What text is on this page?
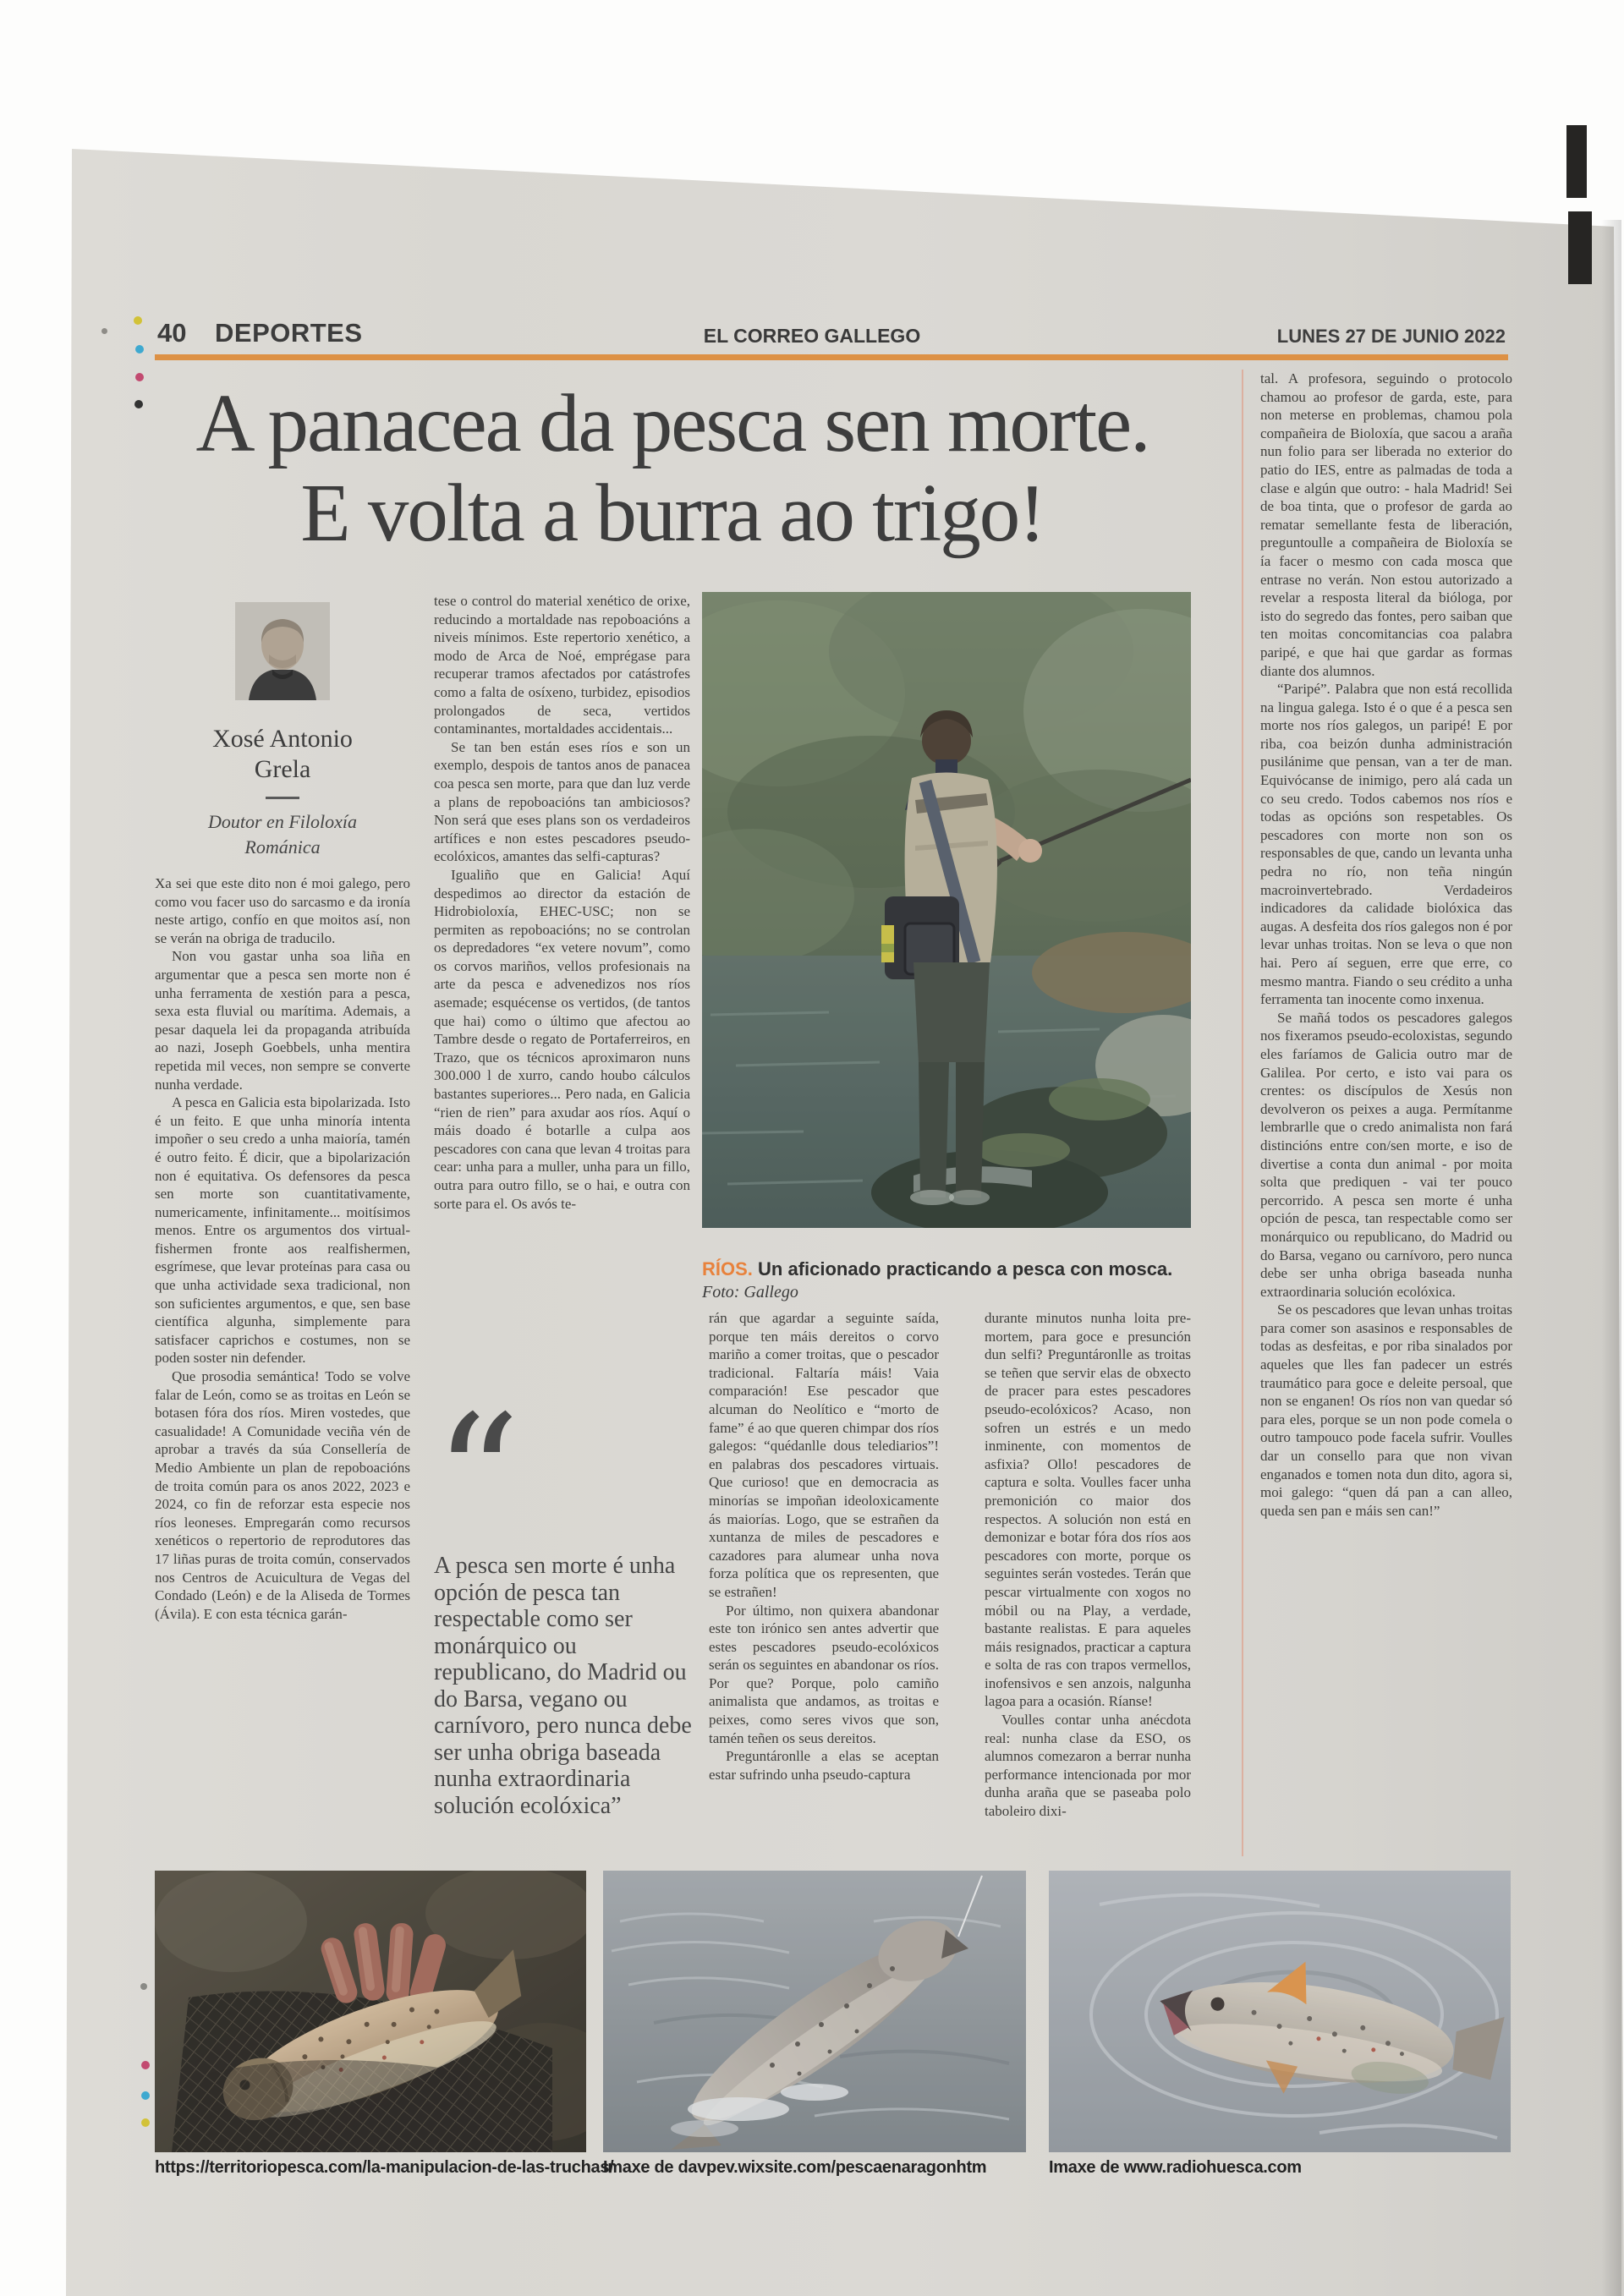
40 DEPORTES	EL CORREO GALLEGO	LUNES 27 DE JUNIO 2022
A panacea da pesca sen morte.
E volta a burra ao trigo!
Xosé Antonio
Grela
Doutor en Filoloxía
Románica

Xa sei que este dito non é moi galego, pero como vou facer uso do sarcasmo e da ironía neste artigo, confío en que moitos así, non se verán na obriga de traducilo.

Non vou gastar unha soa liña en argumentar que a pesca sen morte non é unha ferramenta de xestión para a pesca, sexa esta fluvial ou marítima. Ademais, a pesar daquela lei da propaganda atribuída ao nazi, Joseph Goebbels, unha mentira repetida mil veces, non sempre se converte nunha verdade.

A pesca en Galicia esta bipolarizada. Isto é un feito. E que unha minoría intenta impoñer o seu credo a unha maioría, tamén é outro feito. É dicir, que a bipolarización non é equitativa. Os defensores da pesca sen morte son cuantitativamente, numericamente, infinitamente... moitísimos menos. Entre os argumentos dos virtual-fishermen fronte aos realfishermen, esgrímese, que levar proteínas para casa ou que unha actividade sexa tradicional, non son suficientes argumentos, e que, sen base científica algunha, simplemente para satisfacer caprichos e costumes, non se poden soster nin defender.

Que prosodia semántica! Todo se volve falar de León, como se as troitas en León se botasen fóra dos ríos. Miren vostedes, que casualidade! A Comunidade veciña vén de aprobar a través da súa Consellería de Medio Ambiente un plan de repoboacións de troita común para os anos 2022, 2023 e 2024, co fin de reforzar esta especie nos ríos leoneses. Empregarán como recursos xenéticos o repertorio de reprodutores das 17 liñas puras de troita común, conservados nos Centros de Acuicultura de Vegas del Condado (León) e de la Aliseda de Tormes (Ávila). E con esta técnica garán-

tese o control do material xenético de orixe, reducindo a mortaldade nas repoboacións a niveis mínimos. Este repertorio xenético, a modo de Arca de Noé, emprégase para recuperar tramos afectados por catástrofes como a falta de osíxeno, turbidez, episodios prolongados de seca, vertidos contaminantes, mortaldades accidentais...

Se tan ben están eses ríos e son un exemplo, despois de tantos anos de panacea coa pesca sen morte, para que dan luz verde a plans de repoboacións tan ambiciosos? Non será que eses plans son os verdadeiros artífices e non estes pescadores pseudo-ecolóxicos, amantes das selfi-capturas?

Igualiño que en Galicia! Aquí despedimos ao director da estación de Hidrobioloxía, EHEC-USC; non se permiten as repoboacións; no se controlan os depredadores “ex vetere novum”, como os corvos mariños, vellos profesionais na arte da pesca e advenedizos nos ríos asemade; esquécense os vertidos, (de tantos que hai) como o último que afectou ao Tambre desde o regato de Portaferreiros, en Trazo, que os técnicos aproximaron nuns 300.000 l de xurro, cando houbo cálculos bastantes superiores... Pero nada, en Galicia “rien de rien” para axudar aos ríos. Aquí o máis doado é botarlle a culpa aos pescadores con cana que levan 4 troitas para cear: unha para a muller, unha para un fillo, outra para outro fillo, se o hai, e outra con sorte para el. Os avós te-

rán que agardar a seguinte saída, porque ten máis dereitos o corvo mariño a comer troitas, que o pescador tradicional. Faltaría máis! Vaia comparación! Ese pescador que alcuman do Neolítico e “morto de fame” é ao que queren chimpar dos ríos galegos: “quédanlle dous telediarios”! en palabras dos pescadores virtuais. Que curioso! que en democracia as minorías se impoñan ideoloxicamente ás maiorías. Logo, que se estrañen da xuntanza de miles de pescadores e cazadores para alumear unha nova forza política que os representen, que se estrañen!

Por último, non quixera abandonar este ton irónico sen antes advertir que estes pescadores pseudo-ecolóxicos serán os seguintes en abandonar os ríos. Por que? Porque, polo camiño animalista que andamos, as troitas e peixes, como seres vivos que son, tamén teñen os seus dereitos.

Preguntáronlle a elas se aceptan estar sufrindo unha pseudo-captura

durante minutos nunha loita pre-mortem, para goce e presunción dun selfi? Preguntáronlle as troitas se teñen que servir elas de obxecto de pracer para estes pescadores pseudo-ecolóxicos? Acaso, non sofren un estrés e un medo inminente, con momentos de asfixia? Ollo! pescadores de captura e solta. Voulles facer unha premonición co maior dos respectos. A solución non está en demonizar e botar fóra dos ríos aos pescadores con morte, porque os seguintes serán vostedes. Terán que pescar virtualmente con xogos no móbil ou na Play, a verdade, bastante realistas. E para aqueles máis resignados, practicar a captura e solta de ras con trapos vermellos, inofensivos e sen anzois, nalgunha lagoa para a ocasión. Ríanse!

Voulles contar unha anécdota real: nunha clase da ESO, os alumnos comezaron a berrar nunha performance intencionada por mor dunha araña que se paseaba polo taboleiro dixi-

tal. A profesora, seguindo o protocolo chamou ao profesor de garda, este, para non meterse en problemas, chamou pola compañeira de Bioloxía, que sacou a araña nun folio para ser liberada no exterior do patio do IES, entre as palmadas de toda a clase e algún que outro: - hala Madrid! Sei de boa tinta, que o profesor de garda ao rematar semellante festa de liberación, preguntoulle a compañeira de Bioloxía se ía facer o mesmo con cada mosca que entrase no verán. Non estou autorizado a revelar a resposta literal da bióloga, por isto do segredo das fontes, pero saiban que ten moitas concomitancias coa palabra paripé, e que hai que gardar as formas diante dos alumnos.

“Paripé”. Palabra que non está recollida na lingua galega. Isto é o que é a pesca sen morte nos ríos galegos, un paripé! E por riba, coa beizón dunha administración pusilánime que pensan, van a ter de man. Equivócanse de inimigo, pero alá cada un co seu credo. Todos cabemos nos ríos e todas as opcións son respetables. Os pescadores con morte non son os responsables de que, cando un levanta unha pedra no río, non teña ningún macroinvertebrado. Verdadeiros indicadores da calidade biolóxica das augas. A desfeita dos ríos galegos non é por levar unhas troitas. Non se leva o que non hai. Pero aí seguen, erre que erre, co mesmo mantra. Fiando o seu crédito a unha ferramenta tan inocente como inxenua.

Se mañá todos os pescadores galegos nos fixeramos pseudo-ecoloxistas, segundo eles faríamos de Galicia outro mar de Galilea. Por certo, e isto vai para os crentes: os discípulos de Xesús non devolveron os peixes a auga. Permítanme lembrarlle que o credo animalista non fará distincións entre con/sen morte, e iso de divertise a conta dun animal - por moita solta que prediquen - vai ter pouco percorrido. A pesca sen morte é unha opción de pesca, tan respectable como ser monárquico ou republicano, do Madrid ou do Barsa, vegano ou carnívoro, pero nunca debe ser unha obriga baseada nunha extraordinaria solución ecolóxica.

Se os pescadores que levan unhas troitas para comer son asasinos e responsables de todas as desfeitas, e por riba sinalados por aqueles que lles fan padecer un estrés traumático para goce e deleite persoal, que non se enganen! Os ríos non van quedar só para eles, porque se un non pode comela o outro tampouco pode facela sufrir. Voulles dar un consello para que non vivan enganados e tomen nota dun dito, agora si, moi galego: “quen dá pan a can alleo, queda sen pan e máis sen can!”

“
A pesca sen morte é unha opción de pesca tan respectable como ser monárquico ou republicano, do Madrid ou do Barsa, vegano ou carnívoro, pero nunca debe ser unha obriga baseada nunha extraordinaria solución ecolóxica”
RÍOS. Un aficionado practicando a pesca con mosca. Foto: Gallego
https://territoriopesca.com/la-manipulacion-de-las-truchas/
Imaxe de davpev.wixsite.com/pescaenaragonhtm	Imaxe de www.radiohuesca.com
